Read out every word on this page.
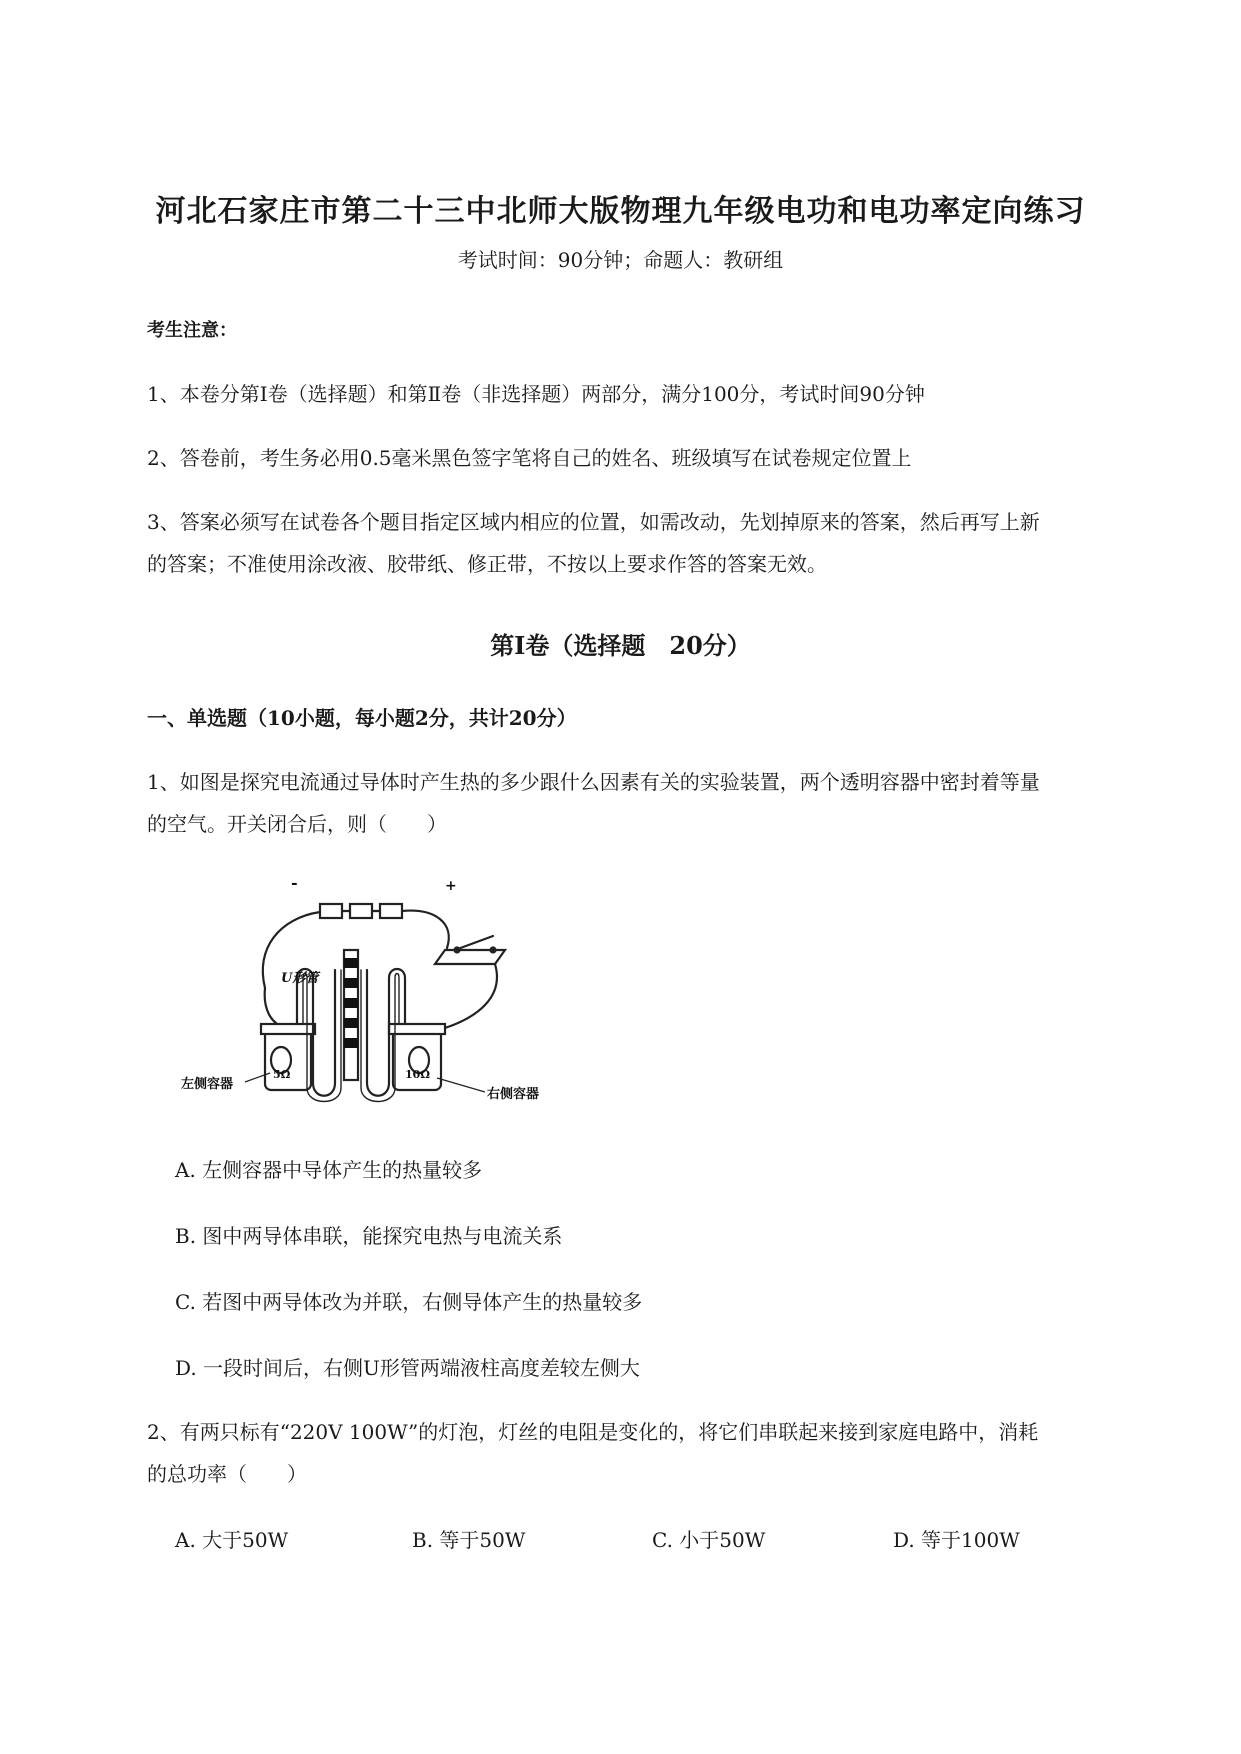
河北石家庄市第二十三中北师大版物理九年级电功和电功率定向练习
考试时间：90分钟；命题人：教研组
考生注意：
1、本卷分第Ⅰ卷（选择题）和第Ⅱ卷（非选择题）两部分，满分100分，考试时间90分钟
2、答卷前，考生务必用0.5毫米黑色签字笔将自己的姓名、班级填写在试卷规定位置上
3、答案必须写在试卷各个题目指定区域内相应的位置，如需改动，先划掉原来的答案，然后再写上新
的答案；不准使用涂改液、胶带纸、修正带，不按以上要求作答的答案无效。
第Ⅰ卷（选择题　20分）
一、单选题（10小题，每小题2分，共计20分）
1、如图是探究电流通过导体时产生热的多少跟什么因素有关的实验装置，两个透明容器中密封着等量
的空气。开关闭合后，则（　　）
-	+
U形管
5Ω	10Ω
左侧容器
右侧容器
A. 左侧容器中导体产生的热量较多
B. 图中两导体串联，能探究电热与电流关系
C. 若图中两导体改为并联，右侧导体产生的热量较多
D. 一段时间后，右侧U形管两端液柱高度差较左侧大
2、有两只标有“220V 100W”的灯泡，灯丝的电阻是变化的，将它们串联起来接到家庭电路中，消耗
的总功率（　　）
A. 大于50W	B. 等于50W	C. 小于50W	D. 等于100W
